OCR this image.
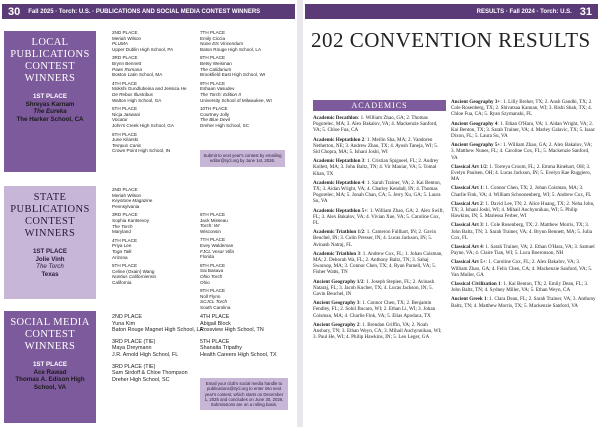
30	Fall 2025 · Torch: U.S. · PUBLICATIONS AND SOCIAL MEDIA CONTEST WINNERS
LOCAL PUBLICATIONS CONTEST WINNERS
1ST PLACE
Shreyas Karnam
The Eureka
The Harker School, CA
2ND PLACE
Meriah Wilson
PLUMA
Upper Dublin High School, PA
3RD PLACE
Brynn Bennett
Paws Romana
Boston Latin School, MA
4TH PLACE
Mokshi Gundlubeina and Jessica He
De Rebus Illustribus
Walton High School, GA
5TH PLACE
Nicja Jaswani
Vocatur
John's Creek High School, GA
6TH PLACE
June Kilarski
Tempus Canis
Crown Point High School, IN
7TH PLACE
Emily Ciccia
Nune Ets Vincendum
Baton Rouge High School, LA
8TH PLACE
Betsy Weisman
The Calidarium
Brookfield East High School, WI
9TH PLACE
Eshaan Vasudev
The Torch: Edition II
University School of Milwaukee, WI
10TH PLACE
Courtney Jolly
The Blue Devil
Dreher High School, SC
Submit to next year's contest by emailing editor@njcl.org by June 1st, 2026.
STATE PUBLICATIONS CONTEST WINNERS
1ST PLACE
Jolie Vinh
The Torch
Texas
2ND PLACE
Meriah Wilson
Keystone Magazine
Pennsylvania
3RD PLACE
Sophia Kantsevoy
The Torch
Maryland
4TH PLACE
Priya Lee
Toga Talk
Arizona
5TH PLACE
Celine (Oxain) Wang
Nuntius Californiensis
California
6TH PLACE
Jack Misseau
Torch: WI
Wisconsin
7TH PLACE
Evey Waldeman
FJCL Vexar Villa
Florida
8TH PLACE
Sai Basava
Ohio Torch
Ohio
9TH PLACE
Noll Flynn
SCJCL Torch
South Carolina
SOCIAL MEDIA CONTEST WINNERS
1ST PLACE
Ace Rawad
Thomas A. Edison High School, VA
2ND PLACE
Yuna Kim
Baton Rouge Magnet High School, LA
3RD PLACE (TIE)
Maya Dreymann
J.R. Arnold High School, FL
3RD PLACE (TIE)
Sam Sirdoff & Chloe Thompson
Dreher High School, SC
4TH PLACE
Abigail Block
Rossview High School, TN
5TH PLACE
Shanaita Tripathy
Health Careers High School, TX
Email your club's social media handle to publications@njcl.org to enter into next year's contest, which starts on December 1, 2025 and concludes on June 30, 2026. Submissions are on a rolling basis.
RESULTS · Fall 2024 · Torch: U.S. 31
202 CONVENTION RESULTS
ACADEMICS
Academic Decathlon: 1. William Zhao, GA; 2. Thomas Pogorelec, MA; 3. Alex Bakalov, VA; 4. Mackenzie Sanford, VA; 5. Chloe Fua, CA
Academic Heptathlon 2: 1. Meilin Sha, MA; 2. Vandoren Netherton, NE; 3. Andrew Zhao, TX; 4. Ayush Taneja, WI; 5. Sid Chopra, MA; 5. Ishani Joshi, WI
Academic Heptathlon 3: 1. Cristian Spigueel, FL; 2. Audrey Kollett, MA; 3. John Baltz, TN; 4. Vir Maniar, VA; 5. Tomal Khan, TX
Academic Heptathlon 4: 1. Sarah Trainer, VA; 2. Kai Benton, TX; 3. Aidan Wright, VA; 4. Charley Kendall, IN; 4. Thomas Pogorelec, MA; 5. Jonah Chan, CA; 5. Jerry Xu, GA; 5. Laura Su, VA
Academic Heptathlon 5+: 1. William Zhao, GA; 2. Alex Swift, FL; 3. Alex Bakalov, VA; 4. Vivian Xue, VA; 5. Caroline Cox, FL
Academic Triathlon 1/2: 1. Cameron Fullhart, IN; 2. Gavin Beuchel, IN; 3. Colin Presser, IN; 4. Lucas Jackson, IN; 5. Avinash Natraj, FL
Academic Triathlon 3: 1. Andrew Cox, FL; 1. Johan Coisman, MA; 2. Deborah Wa, FL; 2. Anthony Baltz, TN; 3. Sahaj Swaroop, MA; 3. Connor Chen, TX; 4. Ryan Parnell, VA; 5. Fisher Watts, TN
Ancient Geography 1/2: 1. Joseph Stepien, FL; 2. Avinash Nataraj, FL; 3. Jacob Kucher, TX; 4. Lucas Jackson, IN; 5. Gavin Beuchel, IN
Ancient Geography 3: 1. Connor Chen, TX; 2. Benjamin Fendley, FL; 2. Sohil Bucaro, WI; 2. Ethan Li, WI; 3. Johan Coisman, MA; 4. Charlie Fink, VA; 5. Elias Apodaca, TX
Ancient Geography 2: 1. Brendan Griffin, VA; 2. Noah Ansbary, TN; 3. Ethan Weyn, CA; 3. Mihail Auchynnikau, WI; 3. Paul He, WI; 4. Philip Hawkins, IN; 5. Leo Leger, GA
Ancient Geography 3+: 1. Lilly Breher, TX; 2. Ansh Gandhi, TX; 2. Cole Rosenberg, TX; 2. Shivatsaa Kannan, WI; 3. Rishi Shah, TX; 4. Chloe Fua, CA; 5. Ryan Szymanski, FL
Ancient Geography 4: 1. Ethan O'Hara, VA; 1. Aidan Wright, VA; 2. Kai Benton, TX; 3. Sarah Trainer, VA; 4. Marley Galavic, TX; 5. Isaac Dixon, FL; 5. Laura Su, VA
Ancient Geography 5+: 1. William Zhao, GA; 2. Alex Bakalov, VA; 3. Matthew Nunes, FL; 4. Caroline Cox, FL; 5. Mackenzie Sanford, VA
Classical Art 1/2: 1. Torreya Croom, FL; 2. Emma Rinehart, OH; 3. Evelyn Paulsen, OH; 4. Lucas Jackson, IN; 5. Evelyn Kae Ruggiero, MA
Classical Art 1: 1. Connor Chen, TX; 2. Johan Coisman, MA; 3. Charlie Fink, VA; 4. William Schoonenberg, WI; 5. Andrew Cox, FL
Classical Art 2: 1. David Lee, TN; 2. Alice Huang, TX; 2. Neha John, TX; 3. Ishani Joshi, WI; 4. Mihail Auchynnikau, WI; 5. Philip Hawkins, IN; 5. Mariessa Ferber, WI
Classical Art 3: 1. Cole Rosenberg, TX; 2. Matthew Morris, TX; 3. John Baltz, TN; 3. Sarah Trainer, VA; 4. Brynn Bennett, MA; 5. Julia Cox, FL
Classical Art 4: 1. Sarah Trainer, VA; 2. Ethan O'Hara, VA; 3. Samuel Payne, VA; 4. Claire Tian, WI; 5. Luca Boeronson, NH
Classical Art 5+: 1. Caroline Cox, FL; 2. Alex Bakalov, VA; 3. William Zhao, GA; 4. Felix Chen, CA; 4. Mackenzie Sanford, VA; 5. Van Muller, GA
Classical Civilization 1: 1. Kai Benton, TX; 2. Emily Dean, FL; 3. John Baltz, TN; 4. Sydney Miller, VA; 5. Ethan Weyn, CA
Ancient Greek 1: 1. Clara Dean, FL; 2. Sarah Trainer, VA; 3. Anthony Baltz, TN; 4. Matthew Morris, TX; 5. Mackenzie Sanford, VA
